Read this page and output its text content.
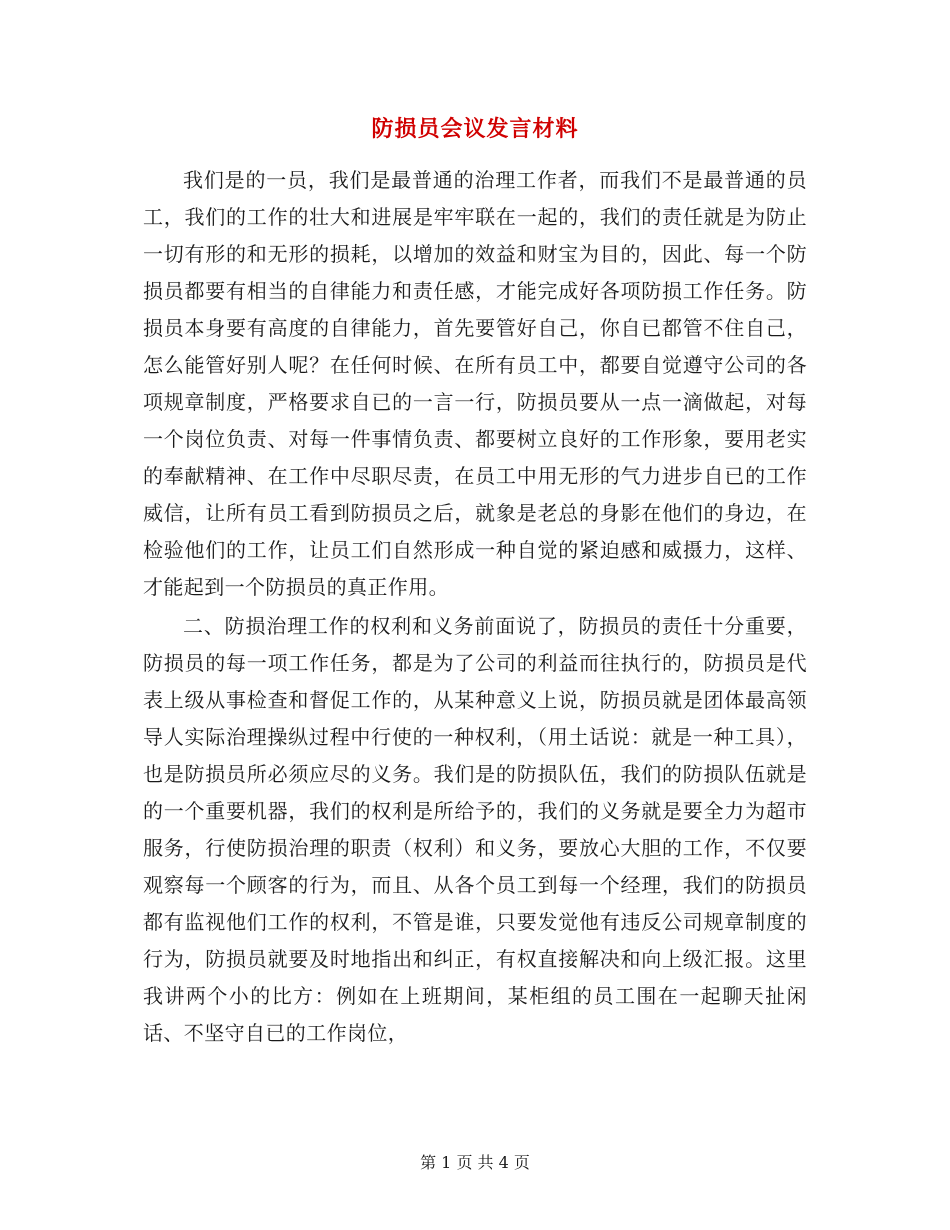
防损员会议发言材料

我们是的一员，我们是最普通的治理工作者，而我们不是最普通的员工，我们的工作的壮大和进展是牢牢联在一起的，我们的责任就是为防止一切有形的和无形的损耗，以增加的效益和财宝为目的，因此、每一个防损员都要有相当的自律能力和责任感，才能完成好各项防损工作任务。防损员本身要有高度的自律能力，首先要管好自己，你自已都管不住自己，怎么能管好别人呢？在任何时候、在所有员工中，都要自觉遵守公司的各项规章制度，严格要求自已的一言一行，防损员要从一点一滴做起，对每一个岗位负责、对每一件事情负责、都要树立良好的工作形象，要用老实的奉献精神、在工作中尽职尽责，在员工中用无形的气力进步自已的工作威信，让所有员工看到防损员之后，就象是老总的身影在他们的身边，在检验他们的工作，让员工们自然形成一种自觉的紧迫感和威摄力，这样、才能起到一个防损员的真正作用。

二、防损治理工作的权利和义务前面说了，防损员的责任十分重要，防损员的每一项工作任务，都是为了公司的利益而往执行的，防损员是代表上级从事检查和督促工作的，从某种意义上说，防损员就是团体最高领导人实际治理操纵过程中行使的一种权利，（用土话说：就是一种工具），也是防损员所必须应尽的义务。我们是的防损队伍，我们的防损队伍就是的一个重要机器，我们的权利是所给予的，我们的义务就是要全力为超市服务，行使防损治理的职责（权利）和义务，要放心大胆的工作，不仅要观察每一个顾客的行为，而且、从各个员工到每一个经理，我们的防损员都有监视他们工作的权利，不管是谁，只要发觉他有违反公司规章制度的行为，防损员就要及时地指出和纠正，有权直接解决和向上级汇报。这里我讲两个小的比方：例如在上班期间，某柜组的员工围在一起聊天扯闲话、不坚守自已的工作岗位，

第 1 页 共 4 页
